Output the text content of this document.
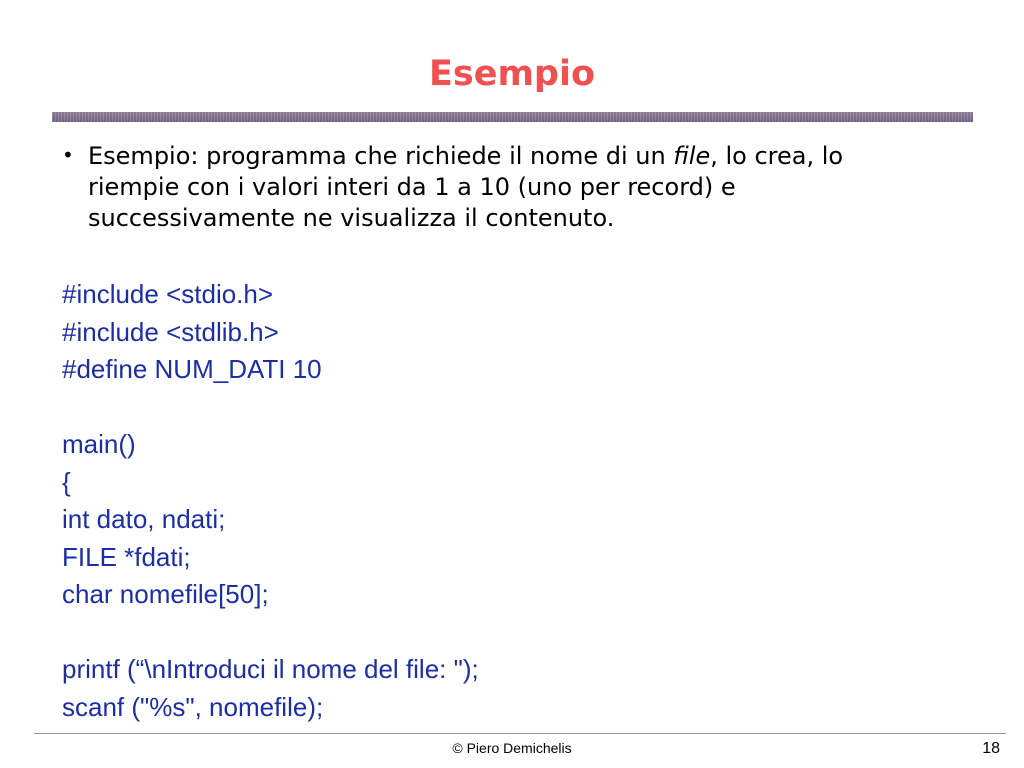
Esempio
• Esempio: programma che richiede il nome di un file, lo crea, lo riempie con i valori interi da 1 a 10 (uno per record) e successivamente ne visualizza il contenuto.
#include <stdio.h>
#include <stdlib.h>
#define NUM_DATI 10
main()
{
int dato, ndati;
FILE *fdati;
char nomefile[50];
printf (“\nIntroduci il nome del file: ");
scanf ("%s", nomefile);
© Piero Demichelis	18
